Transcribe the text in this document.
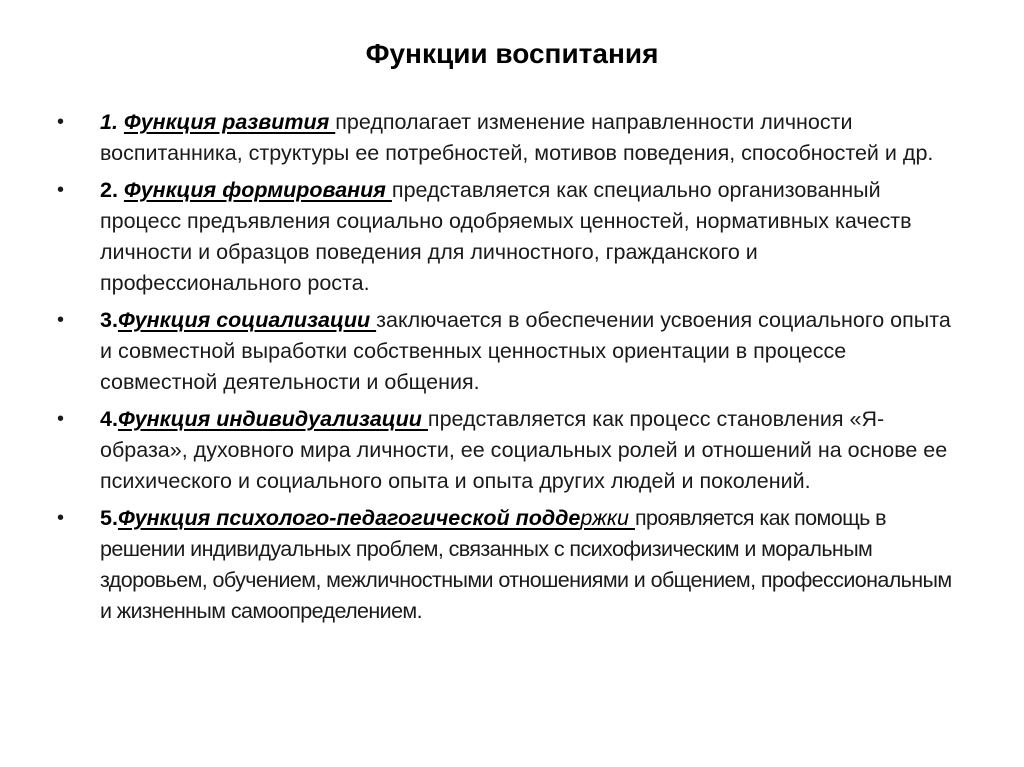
Функции воспитания
•	1. Функция развития предполагает изменение направленности личности воспитанника, структуры ее потребностей, мотивов поведения, способностей и др.
•	2. Функция формирования представляется как специально организованный процесс предъявления социально одобряемых ценностей, нормативных качеств личности и образцов поведения для личностного, гражданского и профессионального роста.
•	3.Функция социализации заключается в обеспечении усвоения социального опыта и совместной выработки собственных ценностных ориентации в процессе совместной деятельности и общения.
•	4.Функция индивидуализации представляется как процесс становления «Я-образа», духовного мира личности, ее социальных ролей и отношений на основе ее психического и социального опыта и опыта других людей и поколений.
•	5.Функция психолого-педагогической поддержки проявляется как помощь в решении индивидуальных проблем, связанных с психофизическим и моральным здоровьем, обучением, межличностными отношениями и общением, профессиональным и жизненным самоопределением.
